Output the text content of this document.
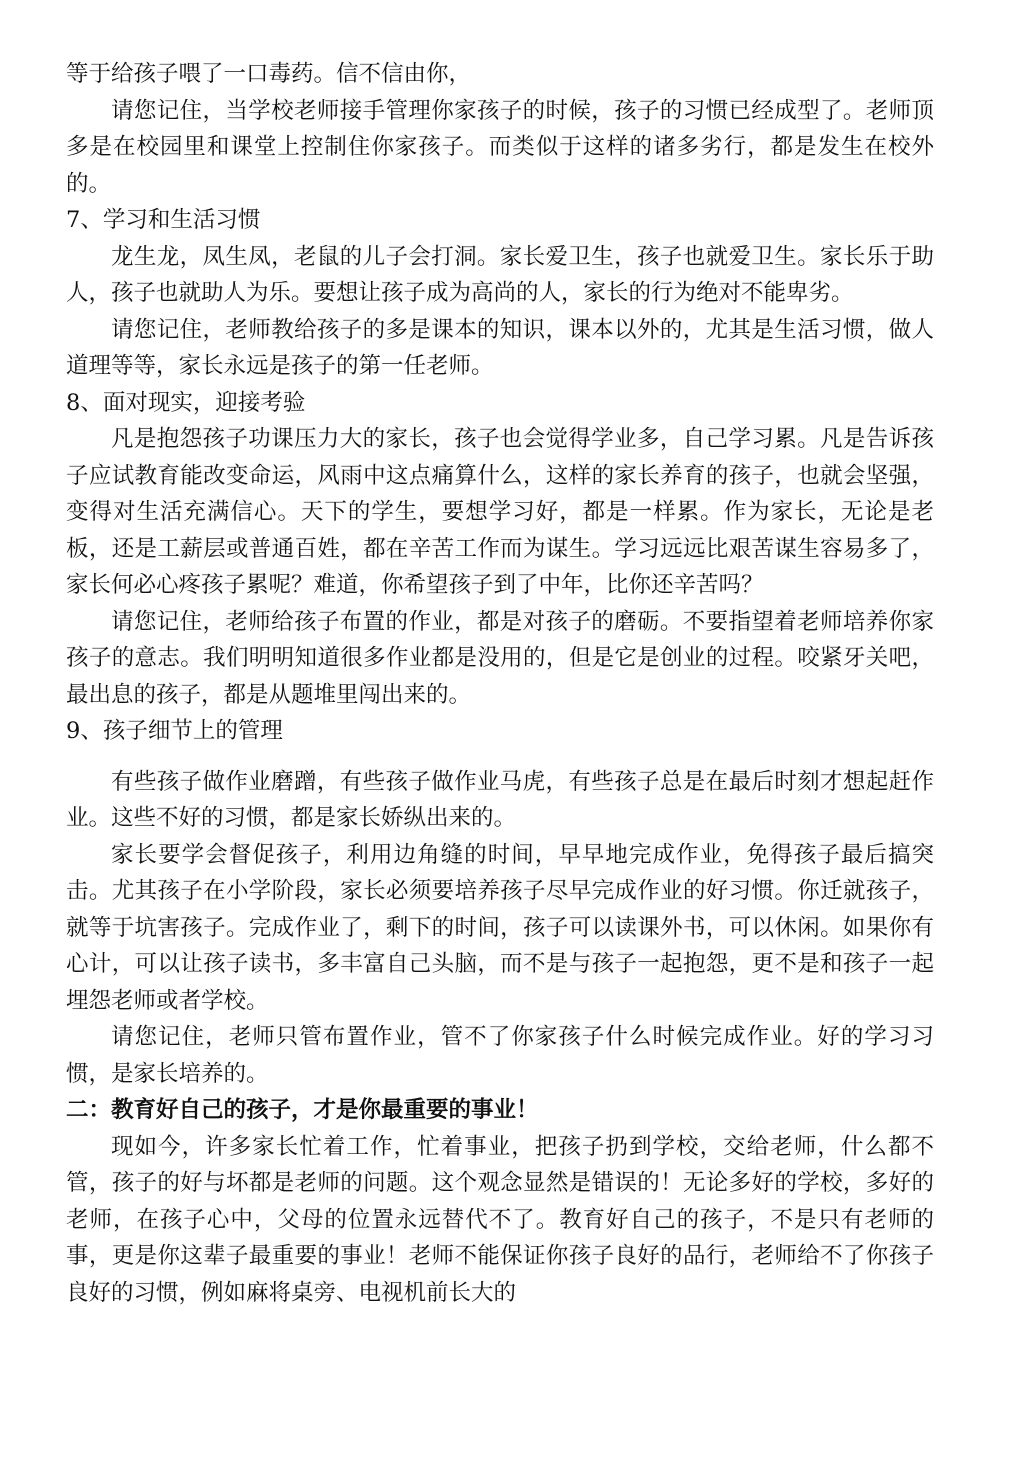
等于给孩子喂了一口毒药。信不信由你，

请您记住，当学校老师接手管理你家孩子的时候，孩子的习惯已经成型了。老师顶多是在校园里和课堂上控制住你家孩子。而类似于这样的诸多劣行，都是发生在校外的。

7、学习和生活习惯

龙生龙，凤生凤，老鼠的儿子会打洞。家长爱卫生，孩子也就爱卫生。家长乐于助人，孩子也就助人为乐。要想让孩子成为高尚的人，家长的行为绝对不能卑劣。

请您记住，老师教给孩子的多是课本的知识，课本以外的，尤其是生活习惯，做人道理等等，家长永远是孩子的第一任老师。

8、面对现实，迎接考验

凡是抱怨孩子功课压力大的家长，孩子也会觉得学业多，自己学习累。凡是告诉孩子应试教育能改变命运，风雨中这点痛算什么，这样的家长养育的孩子，也就会坚强，变得对生活充满信心。天下的学生，要想学习好，都是一样累。作为家长，无论是老板，还是工薪层或普通百姓，都在辛苦工作而为谋生。学习远远比艰苦谋生容易多了，家长何必心疼孩子累呢？难道，你希望孩子到了中年，比你还辛苦吗？

请您记住，老师给孩子布置的作业，都是对孩子的磨砺。不要指望着老师培养你家孩子的意志。我们明明知道很多作业都是没用的，但是它是创业的过程。咬紧牙关吧，最出息的孩子，都是从题堆里闯出来的。

9、孩子细节上的管理

有些孩子做作业磨蹭，有些孩子做作业马虎，有些孩子总是在最后时刻才想起赶作业。这些不好的习惯，都是家长娇纵出来的。

家长要学会督促孩子，利用边角缝的时间，早早地完成作业，免得孩子最后搞突击。尤其孩子在小学阶段，家长必须要培养孩子尽早完成作业的好习惯。你迁就孩子，就等于坑害孩子。完成作业了，剩下的时间，孩子可以读课外书，可以休闲。如果你有心计，可以让孩子读书，多丰富自己头脑，而不是与孩子一起抱怨，更不是和孩子一起埋怨老师或者学校。

请您记住，老师只管布置作业，管不了你家孩子什么时候完成作业。好的学习习惯，是家长培养的。

二：教育好自己的孩子，才是你最重要的事业！

现如今，许多家长忙着工作，忙着事业，把孩子扔到学校，交给老师，什么都不管，孩子的好与坏都是老师的问题。这个观念显然是错误的！无论多好的学校，多好的老师，在孩子心中，父母的位置永远替代不了。教育好自己的孩子，不是只有老师的事，更是你这辈子最重要的事业！老师不能保证你孩子良好的品行，老师给不了你孩子良好的习惯，例如麻将桌旁、电视机前长大的
